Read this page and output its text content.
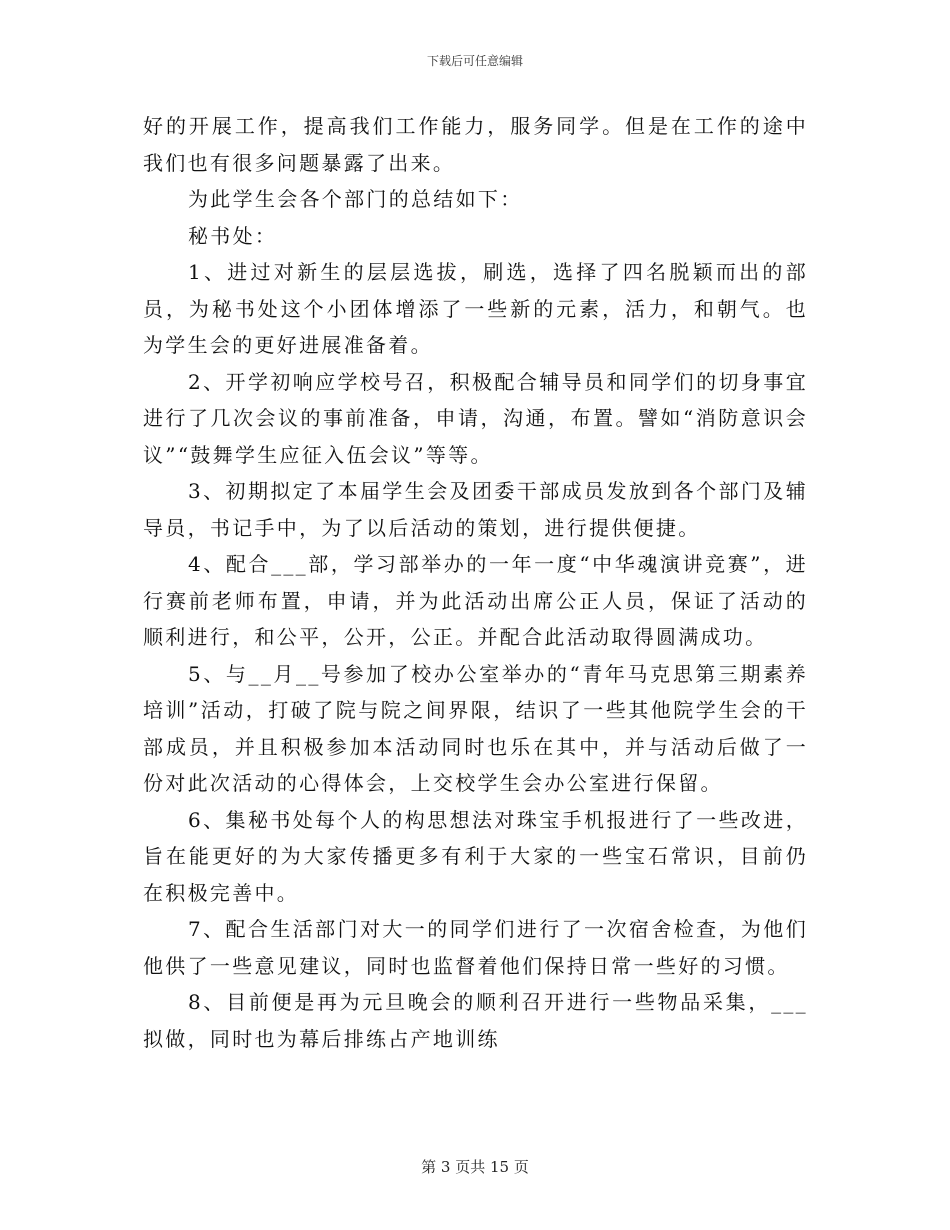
下载后可任意编辑

好的开展工作，提高我们工作能力，服务同学。但是在工作的途中我们也有很多问题暴露了出来。

为此学生会各个部门的总结如下：

秘书处：

1、进过对新生的层层选拔，刷选，选择了四名脱颖而出的部员，为秘书处这个小团体增添了一些新的元素，活力，和朝气。也为学生会的更好进展准备着。

2、开学初响应学校号召，积极配合辅导员和同学们的切身事宜进行了几次会议的事前准备，申请，沟通，布置。譬如“消防意识会议”“鼓舞学生应征入伍会议”等等。

3、初期拟定了本届学生会及团委干部成员发放到各个部门及辅导员，书记手中，为了以后活动的策划，进行提供便捷。

4、配合___部，学习部举办的一年一度“中华魂演讲竞赛”，进行赛前老师布置，申请，并为此活动出席公正人员，保证了活动的顺利进行，和公平，公开，公正。并配合此活动取得圆满成功。

5、与__月__号参加了校办公室举办的“青年马克思第三期素养培训”活动，打破了院与院之间界限，结识了一些其他院学生会的干部成员，并且积极参加本活动同时也乐在其中，并与活动后做了一份对此次活动的心得体会，上交校学生会办公室进行保留。

6、集秘书处每个人的构思想法对珠宝手机报进行了一些改进，旨在能更好的为大家传播更多有利于大家的一些宝石常识，目前仍在积极完善中。

7、配合生活部门对大一的同学们进行了一次宿舍检查，为他们他供了一些意见建议，同时也监督着他们保持日常一些好的习惯。

8、目前便是再为元旦晚会的顺利召开进行一些物品采集，___拟做，同时也为幕后排练占产地训练

第 3 页共 15 页
